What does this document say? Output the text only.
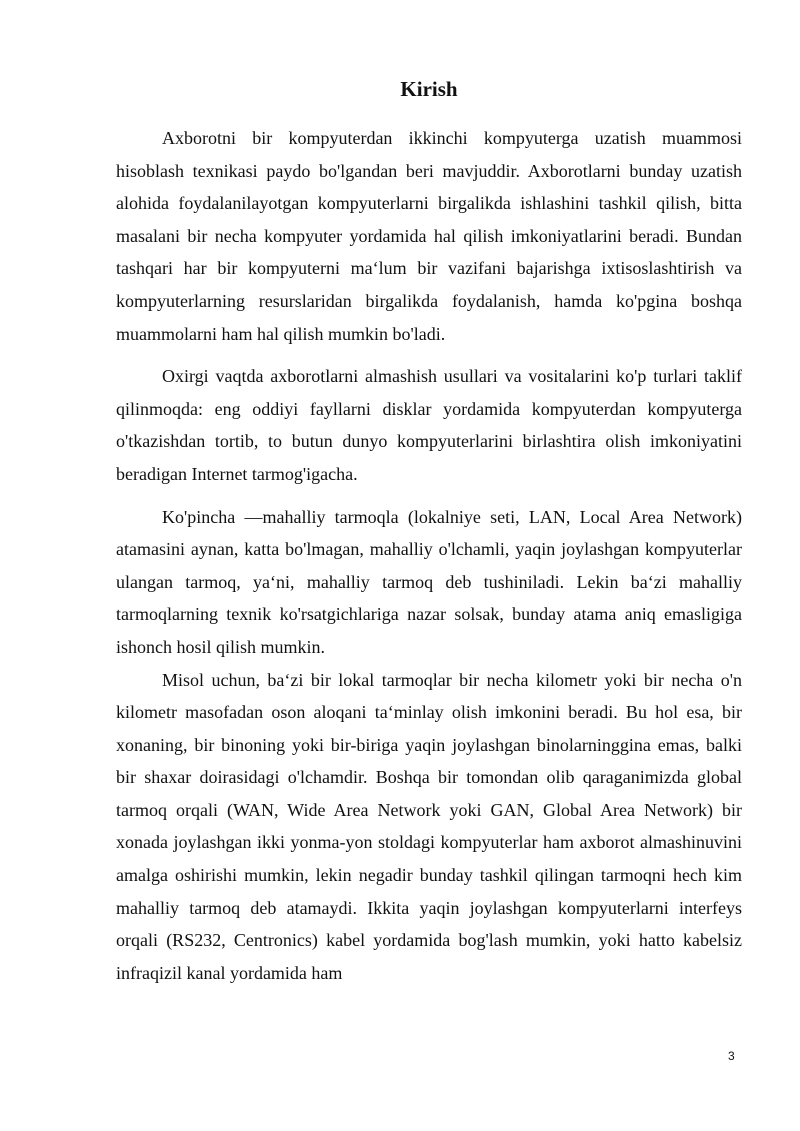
Kirish

Axborotni bir kompyuterdan ikkinchi kompyuterga uzatish muammosi hisoblash texnikasi paydo bo'lgandan beri mavjuddir. Axborotlarni bunday uzatish alohida foydalanilayotgan kompyuterlarni birgalikda ishlashini tashkil qilish, bitta masalani bir necha kompyuter yordamida hal qilish imkoniyatlarini beradi. Bundan tashqari har bir kompyuterni maʻlum bir vazifani bajarishga ixtisoslashtirish va kompyuterlarning resurslaridan birgalikda foydalanish, hamda ko'pgina boshqa muammolarni ham hal qilish mumkin bo'ladi.

Oxirgi vaqtda axborotlarni almashish usullari va vositalarini ko'p turlari taklif qilinmoqda: eng oddiyi fayllarni disklar yordamida kompyuterdan kompyuterga o'tkazishdan tortib, to butun dunyo kompyuterlarini birlashtira olish imkoniyatini beradigan Internet tarmog'igacha.

Ko'pincha —mahalliy tarmoqla (lokalniye seti, LAN, Local Area Network) atamasini aynan, katta bo'lmagan, mahalliy o'lchamli, yaqin joylashgan kompyuterlar ulangan tarmoq, yaʻni, mahalliy tarmoq deb tushiniladi. Lekin baʻzi mahalliy tarmoqlarning texnik ko'rsatgichlariga nazar solsak, bunday atama aniq emasligiga ishonch hosil qilish mumkin.

Misol uchun, baʻzi bir lokal tarmoqlar bir necha kilometr yoki bir necha o'n kilometr masofadan oson aloqani taʻminlay olish imkonini beradi. Bu hol esa, bir xonaning, bir binoning yoki bir-biriga yaqin joylashgan binolarninggina emas, balki bir shaxar doirasidagi o'lchamdir. Boshqa bir tomondan olib qaraganimizda global tarmoq orqali (WAN, Wide Area Network yoki GAN, Global Area Network) bir xonada joylashgan ikki yonma-yon stoldagi kompyuterlar ham axborot almashinuvini amalga oshirishi mumkin, lekin negadir bunday tashkil qilingan tarmoqni hech kim mahalliy tarmoq deb atamaydi. Ikkita yaqin joylashgan kompyuterlarni interfeys orqali (RS232, Centronics) kabel yordamida bog'lash mumkin, yoki hatto kabelsiz infraqizil kanal yordamida ham

3
